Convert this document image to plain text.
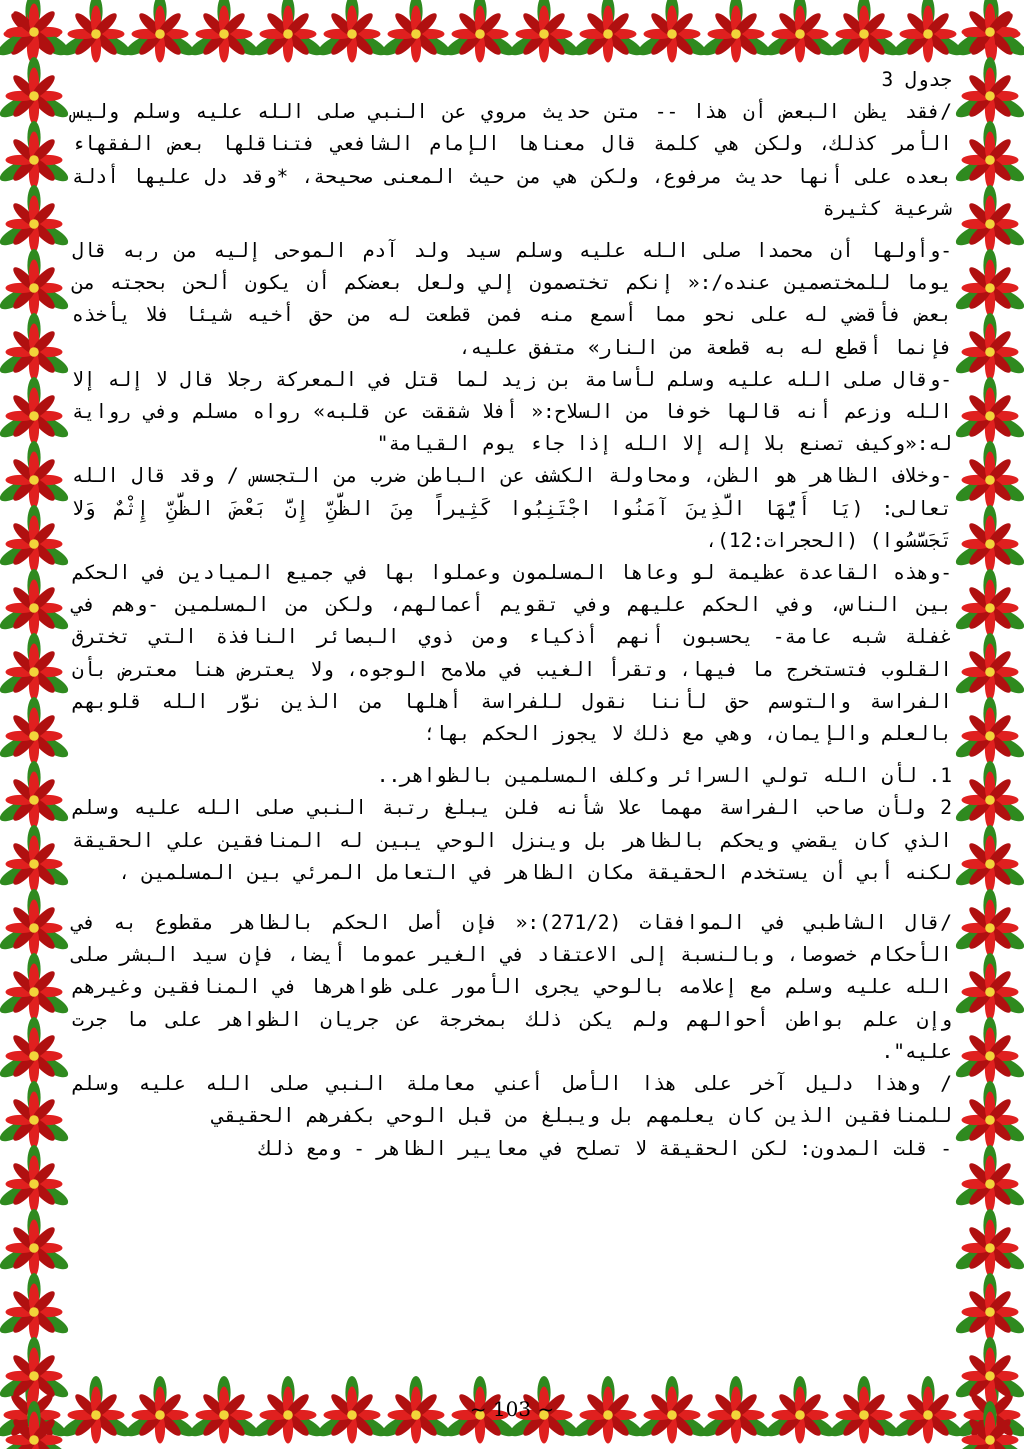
جدول 3

/فقد يظن البعض أن هذا -- متن حديث مروي عن النبي صلى الله عليه وسلم وليس الأمر كذلك، ولكن هي كلمة قال معناها الإمام الشافعي فتناقلها بعض الفقهاء بعده على أنها حديث مرفوع، ولكن هي من حيث المعنى صحيحة، *وقد دل عليها أدلة شرعية كثيرة

-وأولها أن محمدا صلى الله عليه وسلم سيد ولد آدم الموحى إليه من ربه قال يوما للمختصمين عنده/:« إنكم تختصمون إلي ولعل بعضكم أن يكون ألحن بحجته من بعض فأقضي له على نحو مما أسمع منه فمن قطعت له من حق أخيه شيئا فلا يأخذه فإنما أقطع له به قطعة من النار» متفق عليه،

-وقال صلى الله عليه وسلم لأسامة بن زيد لما قتل في المعركة رجلا قال لا إله إلا الله وزعم أنه قالها خوفا من السلاح:« أفلا شققت عن قلبه» رواه مسلم وفي رواية له:«وكيف تصنع بلا إله إلا الله إذا جاء يوم القيامة"

-وخلاف الظاهر هو الظن، ومحاولة الكشف عن الباطن ضرب من التجسس / وقد قال الله تعالى: (يَا أَيُّهَا الَّذِينَ آمَنُوا اجْتَنِبُوا كَثِيراً مِنَ الظَّنِّ إِنَّ بَعْضَ الظَّنِّ إِثْمٌ وَلا تَجَسَّسُوا) (الحجرات:12)،

-وهذه القاعدة عظيمة لو وعاها المسلمون وعملوا بها في جميع الميادين في الحكم بين الناس، وفي الحكم عليهم وفي تقويم أعمالهم، ولكن من المسلمين -وهم في غفلة شبه عامة- يحسبون أنهم أذكياء ومن ذوي البصائر النافذة التي تخترق القلوب فتستخرج ما فيها، وتقرأ الغيب في ملامح الوجوه، ولا يعترض هنا معترض بأن الفراسة والتوسم حق لأننا نقول للفراسة أهلها من الذين نوَّر الله قلوبهم بالعلم والإيمان، وهي مع ذلك لا يجوز الحكم بها؛

1. لأن الله تولي السرائر وكلف المسلمين بالظواهر..

2 ولأن صاحب الفراسة مهما علا شأنه فلن يبلغ رتبة النبي صلى الله عليه وسلم الذي كان يقضي ويحكم بالظاهر بل وينزل الوحي يبين له المنافقين علي الحقيقة لكنه أبي أن يستخدم الحقيقة مكان الظاهر في التعامل المرئي بين المسلمين ،

/قال الشاطبي في الموافقات (271/2):« فإن أصل الحكم بالظاهر مقطوع به في الأحكام خصوصا، وبالنسبة إلى الاعتقاد في الغير عموما أيضا، فإن سيد البشر صلى الله عليه وسلم مع إعلامه بالوحي يجرى الأمور على ظواهرها في المنافقين وغيرهم وإن علم بواطن أحوالهم ولم يكن ذلك بمخرجة عن جريان الظواهر على ما جرت عليه".

/ وهذا دليل آخر على هذا الأصل أعني معاملة النبي صلى الله عليه وسلم للمنافقين الذين كان يعلمهم بل ويبلغ من قبل الوحي بكفرهم الحقيقي

- قلت المدون: لكن الحقيقة لا تصلح في معايير الظاهر - ومع ذلك

~ 103 ~
